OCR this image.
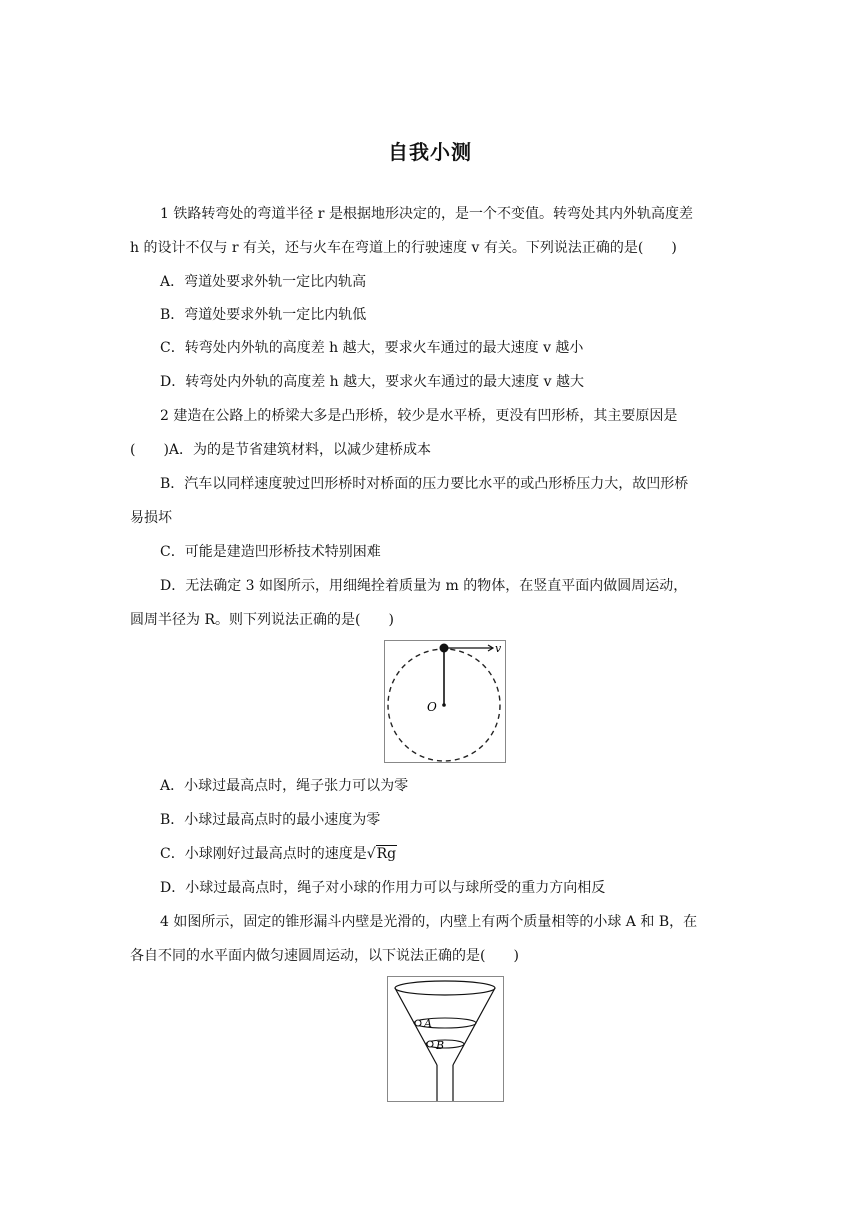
自我小测
1 铁路转弯处的弯道半径 r 是根据地形决定的，是一个不变值。转弯处其内外轨高度差
h 的设计不仅与 r 有关，还与火车在弯道上的行驶速度 v 有关。下列说法正确的是(　　)
A．弯道处要求外轨一定比内轨高
B．弯道处要求外轨一定比内轨低
C．转弯处内外轨的高度差 h 越大，要求火车通过的最大速度 v 越小
D．转弯处内外轨的高度差 h 越大，要求火车通过的最大速度 v 越大
2 建造在公路上的桥梁大多是凸形桥，较少是水平桥，更没有凹形桥，其主要原因是
(　　)A．为的是节省建筑材料，以减少建桥成本
B．汽车以同样速度驶过凹形桥时对桥面的压力要比水平的或凸形桥压力大，故凹形桥
易损坏
C．可能是建造凹形桥技术特别困难
D．无法确定 3 如图所示，用细绳拴着质量为 m 的物体，在竖直平面内做圆周运动，
圆周半径为 R。则下列说法正确的是(　　)
v
O
A．小球过最高点时，绳子张力可以为零
B．小球过最高点时的最小速度为零
C．小球刚好过最高点时的速度是√Rg
D．小球过最高点时，绳子对小球的作用力可以与球所受的重力方向相反
4 如图所示，固定的锥形漏斗内壁是光滑的，内壁上有两个质量相等的小球 A 和 B，在
各自不同的水平面内做匀速圆周运动，以下说法正确的是(　　)
A
B
